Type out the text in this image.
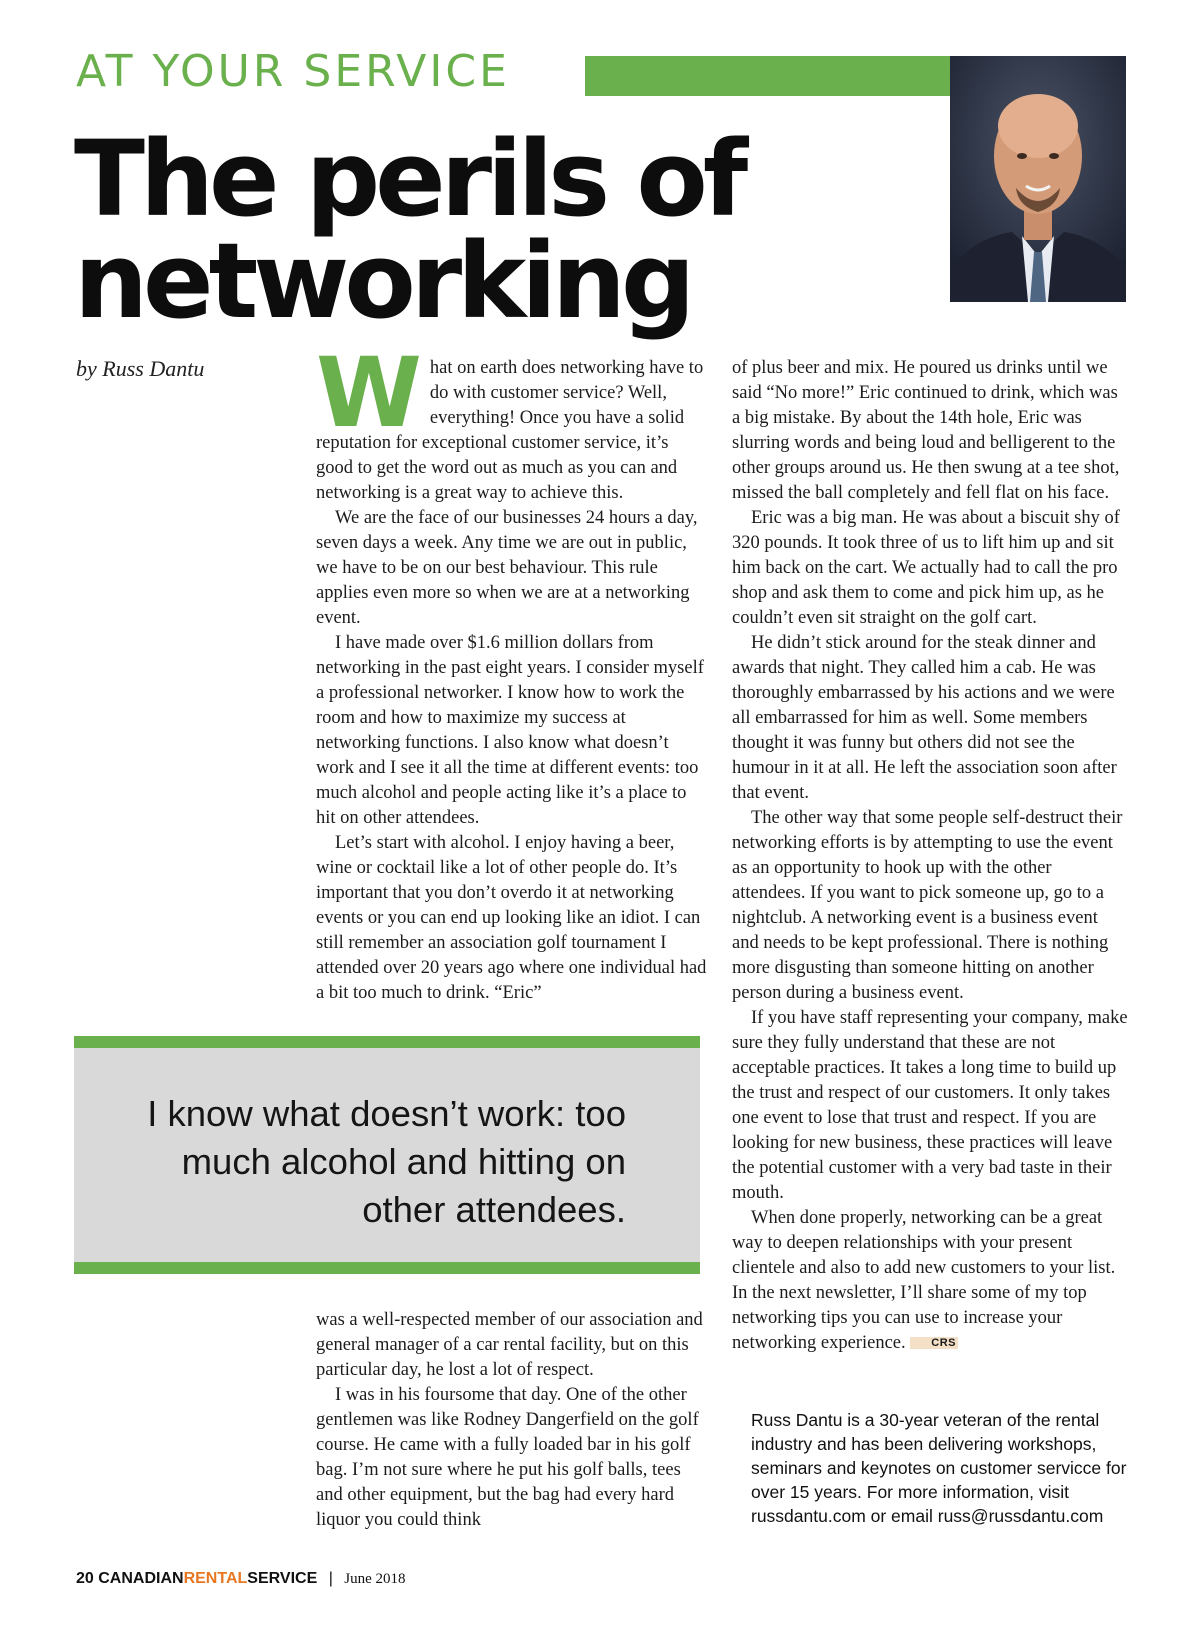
AT YOUR SERVICE
The perils of
networking
by Russ Dantu What on earth does networking have to do with customer service? Well, everything! Once you have a solid reputation for exceptional customer service, it’s good to get the word out as much as you can and networking is a great way to achieve this.

We are the face of our businesses 24 hours a day, seven days a week. Any time we are out in public, we have to be on our best behaviour. This rule applies even more so when we are at a networking event.

I have made over $1.6 million dollars from networking in the past eight years. I consider myself a professional networker. I know how to work the room and how to maximize my success at networking functions. I also know what doesn’t work and I see it all the time at different events: too much alcohol and people acting like it’s a place to hit on other attendees.

Let’s start with alcohol. I enjoy having a beer, wine or cocktail like a lot of other people do. It’s important that you don’t overdo it at networking events or you can end up looking like an idiot. I can still remember an association golf tournament I attended over 20 years ago where one individual had a bit too much to drink. “Eric”

I know what doesn’t work: too much alcohol and hitting on other attendees.

was a well-respected member of our association and general manager of a car rental facility, but on this particular day, he lost a lot of respect.

I was in his foursome that day. One of the other gentlemen was like Rodney Dangerfield on the golf course. He came with a fully loaded bar in his golf bag. I’m not sure where he put his golf balls, tees and other equipment, but the bag had every hard liquor you could think

of plus beer and mix. He poured us drinks until we said “No more!” Eric continued to drink, which was a big mistake. By about the 14th hole, Eric was slurring words and being loud and belligerent to the other groups around us. He then swung at a tee shot, missed the ball completely and fell flat on his face.

Eric was a big man. He was about a biscuit shy of 320 pounds. It took three of us to lift him up and sit him back on the cart. We actually had to call the pro shop and ask them to come and pick him up, as he couldn’t even sit straight on the golf cart.

He didn’t stick around for the steak dinner and awards that night. They called him a cab. He was thoroughly embarrassed by his actions and we were all embarrassed for him as well. Some members thought it was funny but others did not see the humour in it at all. He left the association soon after that event.

The other way that some people self-destruct their networking efforts is by attempting to use the event as an opportunity to hook up with the other attendees. If you want to pick someone up, go to a nightclub. A networking event is a business event and needs to be kept professional. There is nothing more disgusting than someone hitting on another person during a business event.

If you have staff representing your company, make sure they fully understand that these are not acceptable practices. It takes a long time to build up the trust and respect of our customers. It only takes one event to lose that trust and respect. If you are looking for new business, these practices will leave the potential customer with a very bad taste in their mouth.

When done properly, networking can be a great way to deepen relationships with your present clientele and also to add new customers to your list. In the next newsletter, I’ll share some of my top networking tips you can use to increase your networking experience. CRS

Russ Dantu is a 30-year veteran of the rental industry and has been delivering workshops, seminars and keynotes on customer servicce for over 15 years. For more information, visit russdantu.com or email russ@russdantu.com
20 CANADIANRENTALSERVICE | June 2018
